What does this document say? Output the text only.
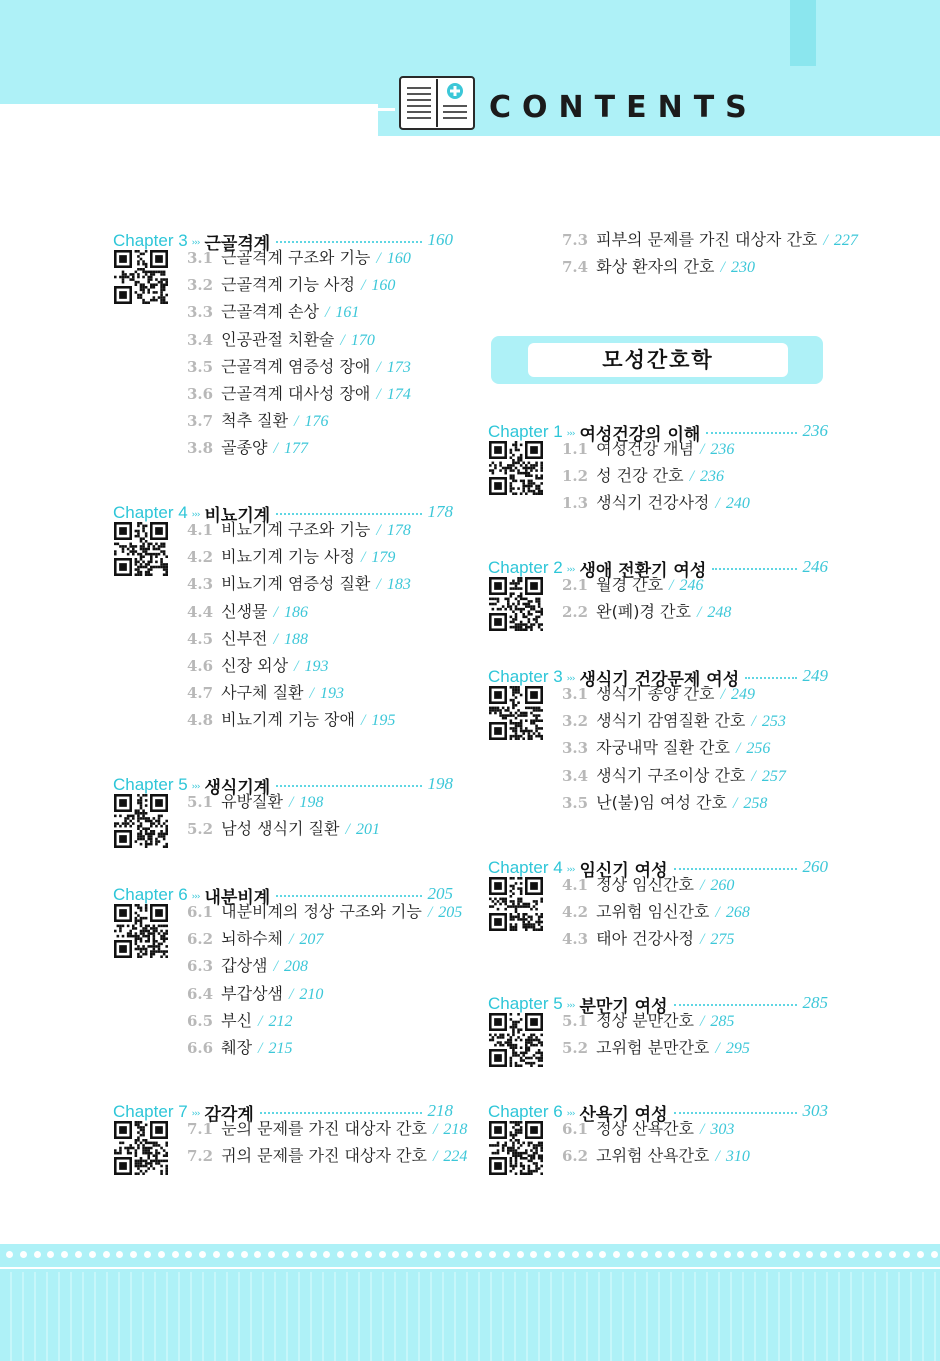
CONTENTS
모성간호학
Chapter 3 ››› 근골격계	160
3.1 근골격계 구조와 기능 / 160
3.2 근골격계 기능 사정 / 160
3.3 근골격계 손상 / 161
3.4 인공관절 치환술 / 170
3.5 근골격계 염증성 장애 / 173
3.6 근골격계 대사성 장애 / 174
3.7 척추 질환 / 176
3.8 골종양 / 177
Chapter 4 ››› 비뇨기계	178
4.1 비뇨기계 구조와 기능 / 178
4.2 비뇨기계 기능 사정 / 179
4.3 비뇨기계 염증성 질환 / 183
4.4 신생물 / 186
4.5 신부전 / 188
4.6 신장 외상 / 193
4.7 사구체 질환 / 193
4.8 비뇨기계 기능 장애 / 195
Chapter 5 ››› 생식기계	198
5.1 유방질환 / 198
5.2 남성 생식기 질환 / 201
Chapter 6 ››› 내분비계	205
6.1 내분비계의 정상 구조와 기능 / 205
6.2 뇌하수체 / 207
6.3 갑상샘 / 208
6.4 부갑상샘 / 210
6.5 부신 / 212
6.6 췌장 / 215
Chapter 7 ››› 감각계	218
7.1 눈의 문제를 가진 대상자 간호 / 218
7.2 귀의 문제를 가진 대상자 간호 / 224
7.3 피부의 문제를 가진 대상자 간호 / 227
7.4 화상 환자의 간호 / 230
Chapter 1 ››› 여성건강의 이해	236
1.1 여성건강 개념 / 236
1.2 성 건강 간호 / 236
1.3 생식기 건강사정 / 240
Chapter 2 ››› 생애 전환기 여성	246
2.1 월경 간호 / 246
2.2 완(폐)경 간호 / 248
Chapter 3 ››› 생식기 건강문제 여성	249
3.1 생식기 종양 간호 / 249
3.2 생식기 감염질환 간호 / 253
3.3 자궁내막 질환 간호 / 256
3.4 생식기 구조이상 간호 / 257
3.5 난(불)임 여성 간호 / 258
Chapter 4 ››› 임신기 여성	260
4.1 정상 임신간호 / 260
4.2 고위험 임신간호 / 268
4.3 태아 건강사정 / 275
Chapter 5 ››› 분만기 여성	285
5.1 정상 분만간호 / 285
5.2 고위험 분만간호 / 295
Chapter 6 ››› 산욕기 여성	303
6.1 정상 산욕간호 / 303
6.2 고위험 산욕간호 / 310
